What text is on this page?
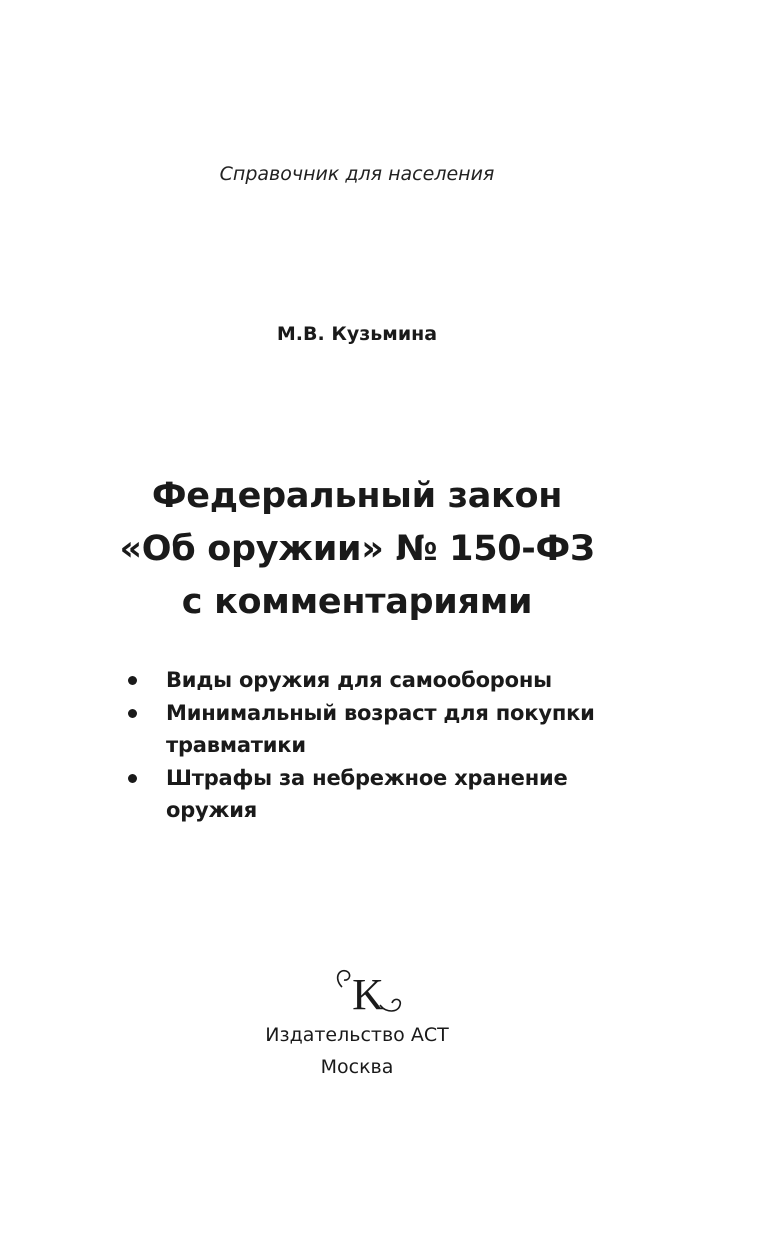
Справочник для населения
М.В. Кузьмина
Федеральный закон
«Об оружии» № 150-ФЗ
с комментариями
Виды оружия для самообороны
Минимальный возраст для покупки травматики
Штрафы за небрежное хранение оружия
K
Издательство АСТ
Москва
